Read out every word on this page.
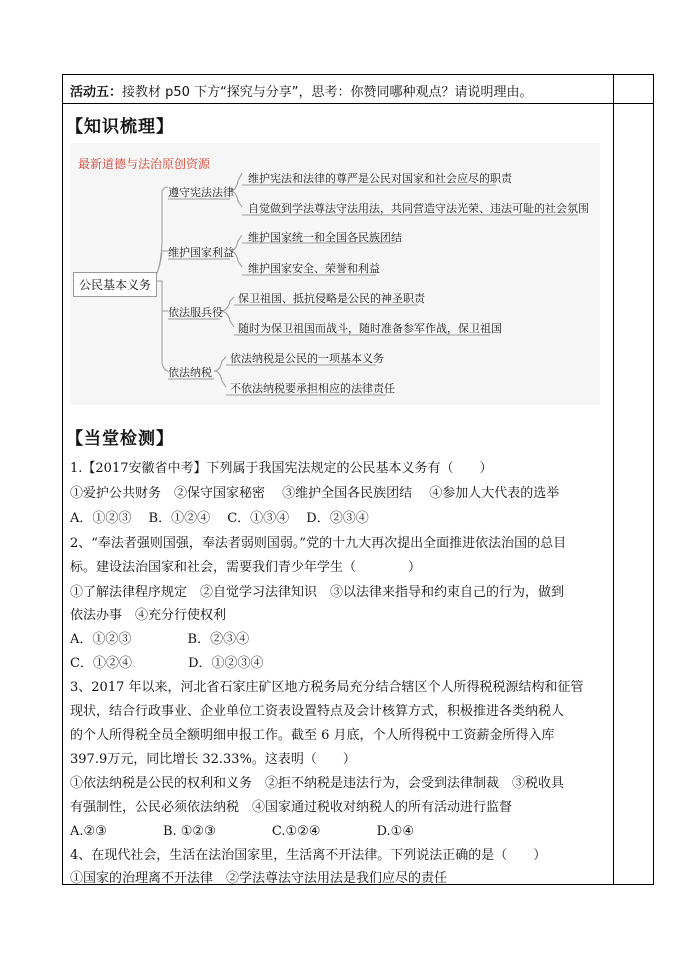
活动五：接教材 p50 下方“探究与分享”，思考：你赞同哪种观点？请说明理由。
【知识梳理】
最新道德与法治原创资源
公民基本义务
遵守宪法法律
维护宪法和法律的尊严是公民对国家和社会应尽的职责
自觉做到学法尊法守法用法，共同营造守法光荣、违法可耻的社会氛围
维护国家利益
维护国家统一和全国各民族团结
维护国家安全、荣誉和利益
依法服兵役
保卫祖国、抵抗侵略是公民的神圣职责
随时为保卫祖国而战斗，随时准备参军作战，保卫祖国
依法纳税
依法纳税是公民的一项基本义务
不依法纳税要承担相应的法律责任
【当堂检测】
1.【2017安徽省中考】下列属于我国宪法规定的公民基本义务有（　　）
①爱护公共财务　②保守国家秘密　 ③维护全国各民族团结　 ④参加人大代表的选举
A．①②③　 B．①②④　 C．①③④　 D．②③④
2、“奉法者强则国强，奉法者弱则国弱。”党的十九大再次提出全面推进依法治国的总目
标。建设法治国家和社会，需要我们青少年学生（　　　　）
①了解法律程序规定　②自觉学习法律知识　③以法律来指导和约束自己的行为，做到
依法办事　④充分行使权利
A．①②③　　　　 B．②③④
C．①②④　　　　 D．①②③④
3、2017 年以来，河北省石家庄矿区地方税务局充分结合辖区个人所得税税源结构和征管
现状，结合行政事业、企业单位工资表设置特点及会计核算方式，积极推进各类纳税人
的个人所得税全员全额明细申报工作。截至 6 月底，个人所得税中工资薪金所得入库
397.9万元，同比增长 32.33%。这表明（　　）
①依法纳税是公民的权利和义务　②拒不纳税是违法行为，会受到法律制裁　③税收具
有强制性，公民必须依法纳税　④国家通过税收对纳税人的所有活动进行监督
A.②③　　　　 B. ①②③　　　　 C.①②④　　　　 D.①④
4、在现代社会，生活在法治国家里，生活离不开法律。下列说法正确的是（　　）
①国家的治理离不开法律　②学法尊法守法用法是我们应尽的责任
